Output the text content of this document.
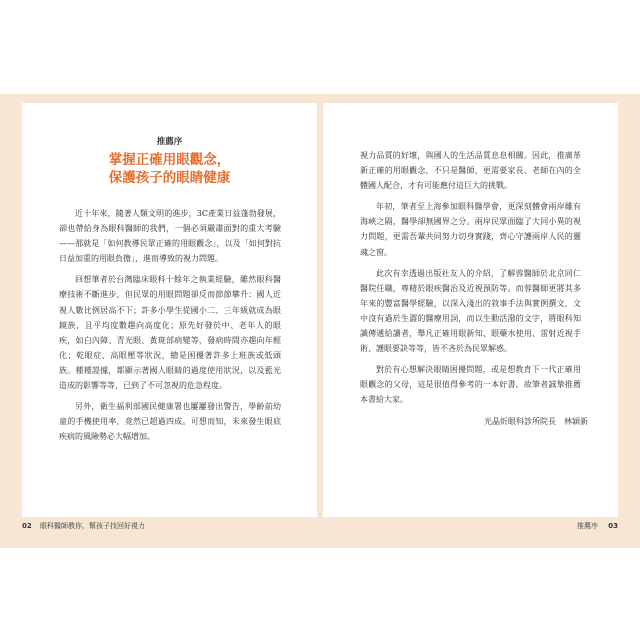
推薦序
掌握正確用眼觀念，
保護孩子的眼睛健康

近十年來，隨著人類文明的進步，3C產業日益蓬勃發展，卻也帶給身為眼科醫師的我們，一個必須嚴肅面對的重大考驗——那就是「如何教導民眾正確的用眼觀念」，以及「如何對抗日益加重的用眼負擔」，進而導致的視力問題。

回想筆者於台灣臨床眼科十餘年之執業經驗，雖然眼科醫療技術不斷進步，但民眾的用眼問題卻反而節節攀升：國人近視人數比例居高不下；許多小學生從國小二、三年級就成為眼鏡族，且平均度數趨向高度化；原先好發於中、老年人的眼疾，如白內障、青光眼、黃斑部病變等，發病時間亦趨向年輕化；乾眼症、高眼壓等狀況，總是困擾著許多上班族或低頭族。種種證據，都顯示著國人眼睛的過度使用狀況，以及藍光造成的影響等等，已到了不可忽視的危急程度。

另外，衛生福利部國民健康署也屢屢發出警告，學齡前幼童的手機使用率，竟然已超過四成。可想而知，未來發生眼底疾病的風險勢必大幅增加。

視力品質的好壞，與國人的生活品質息息相關。因此，推廣革新正確的用眼觀念，不只是醫師，更需要家長、老師在內的全體國人配合，才有可能應付這巨大的挑戰。

年初，筆者至上海參加眼科醫學會，更深刻體會兩岸雖有海峽之隔，醫學卻無國界之分。兩岸民眾面臨了大同小異的視力問題，更需吾輩共同努力切身實踐，齊心守護兩岸人民的靈魂之窗。

此次有幸透過出版社友人的介紹，了解蓉醫師於北京同仁醫院任職，專精於眼疾醫治及近視預防等。而蓉醫師更將其多年來的豐富醫學經驗，以深入淺出的敘事手法與實例撰文，文中沒有過於生澀的醫療用詞，而以生動活潑的文字，將眼科知識傳遞給讀者，舉凡正確用眼新知、眼藥水使用、雷射近視手術、護眼要訣等等，皆不吝於為民眾解惑。

對於有心想解決眼睛困擾問題，或是想教育下一代正確用眼觀念的父母，這是很值得參考的一本好書。故筆者誠摯推薦本書給大家。

光晶炘眼科診所院長　林穎新
02 眼科醫師教你，幫孩子找回好視力	推薦序 03
